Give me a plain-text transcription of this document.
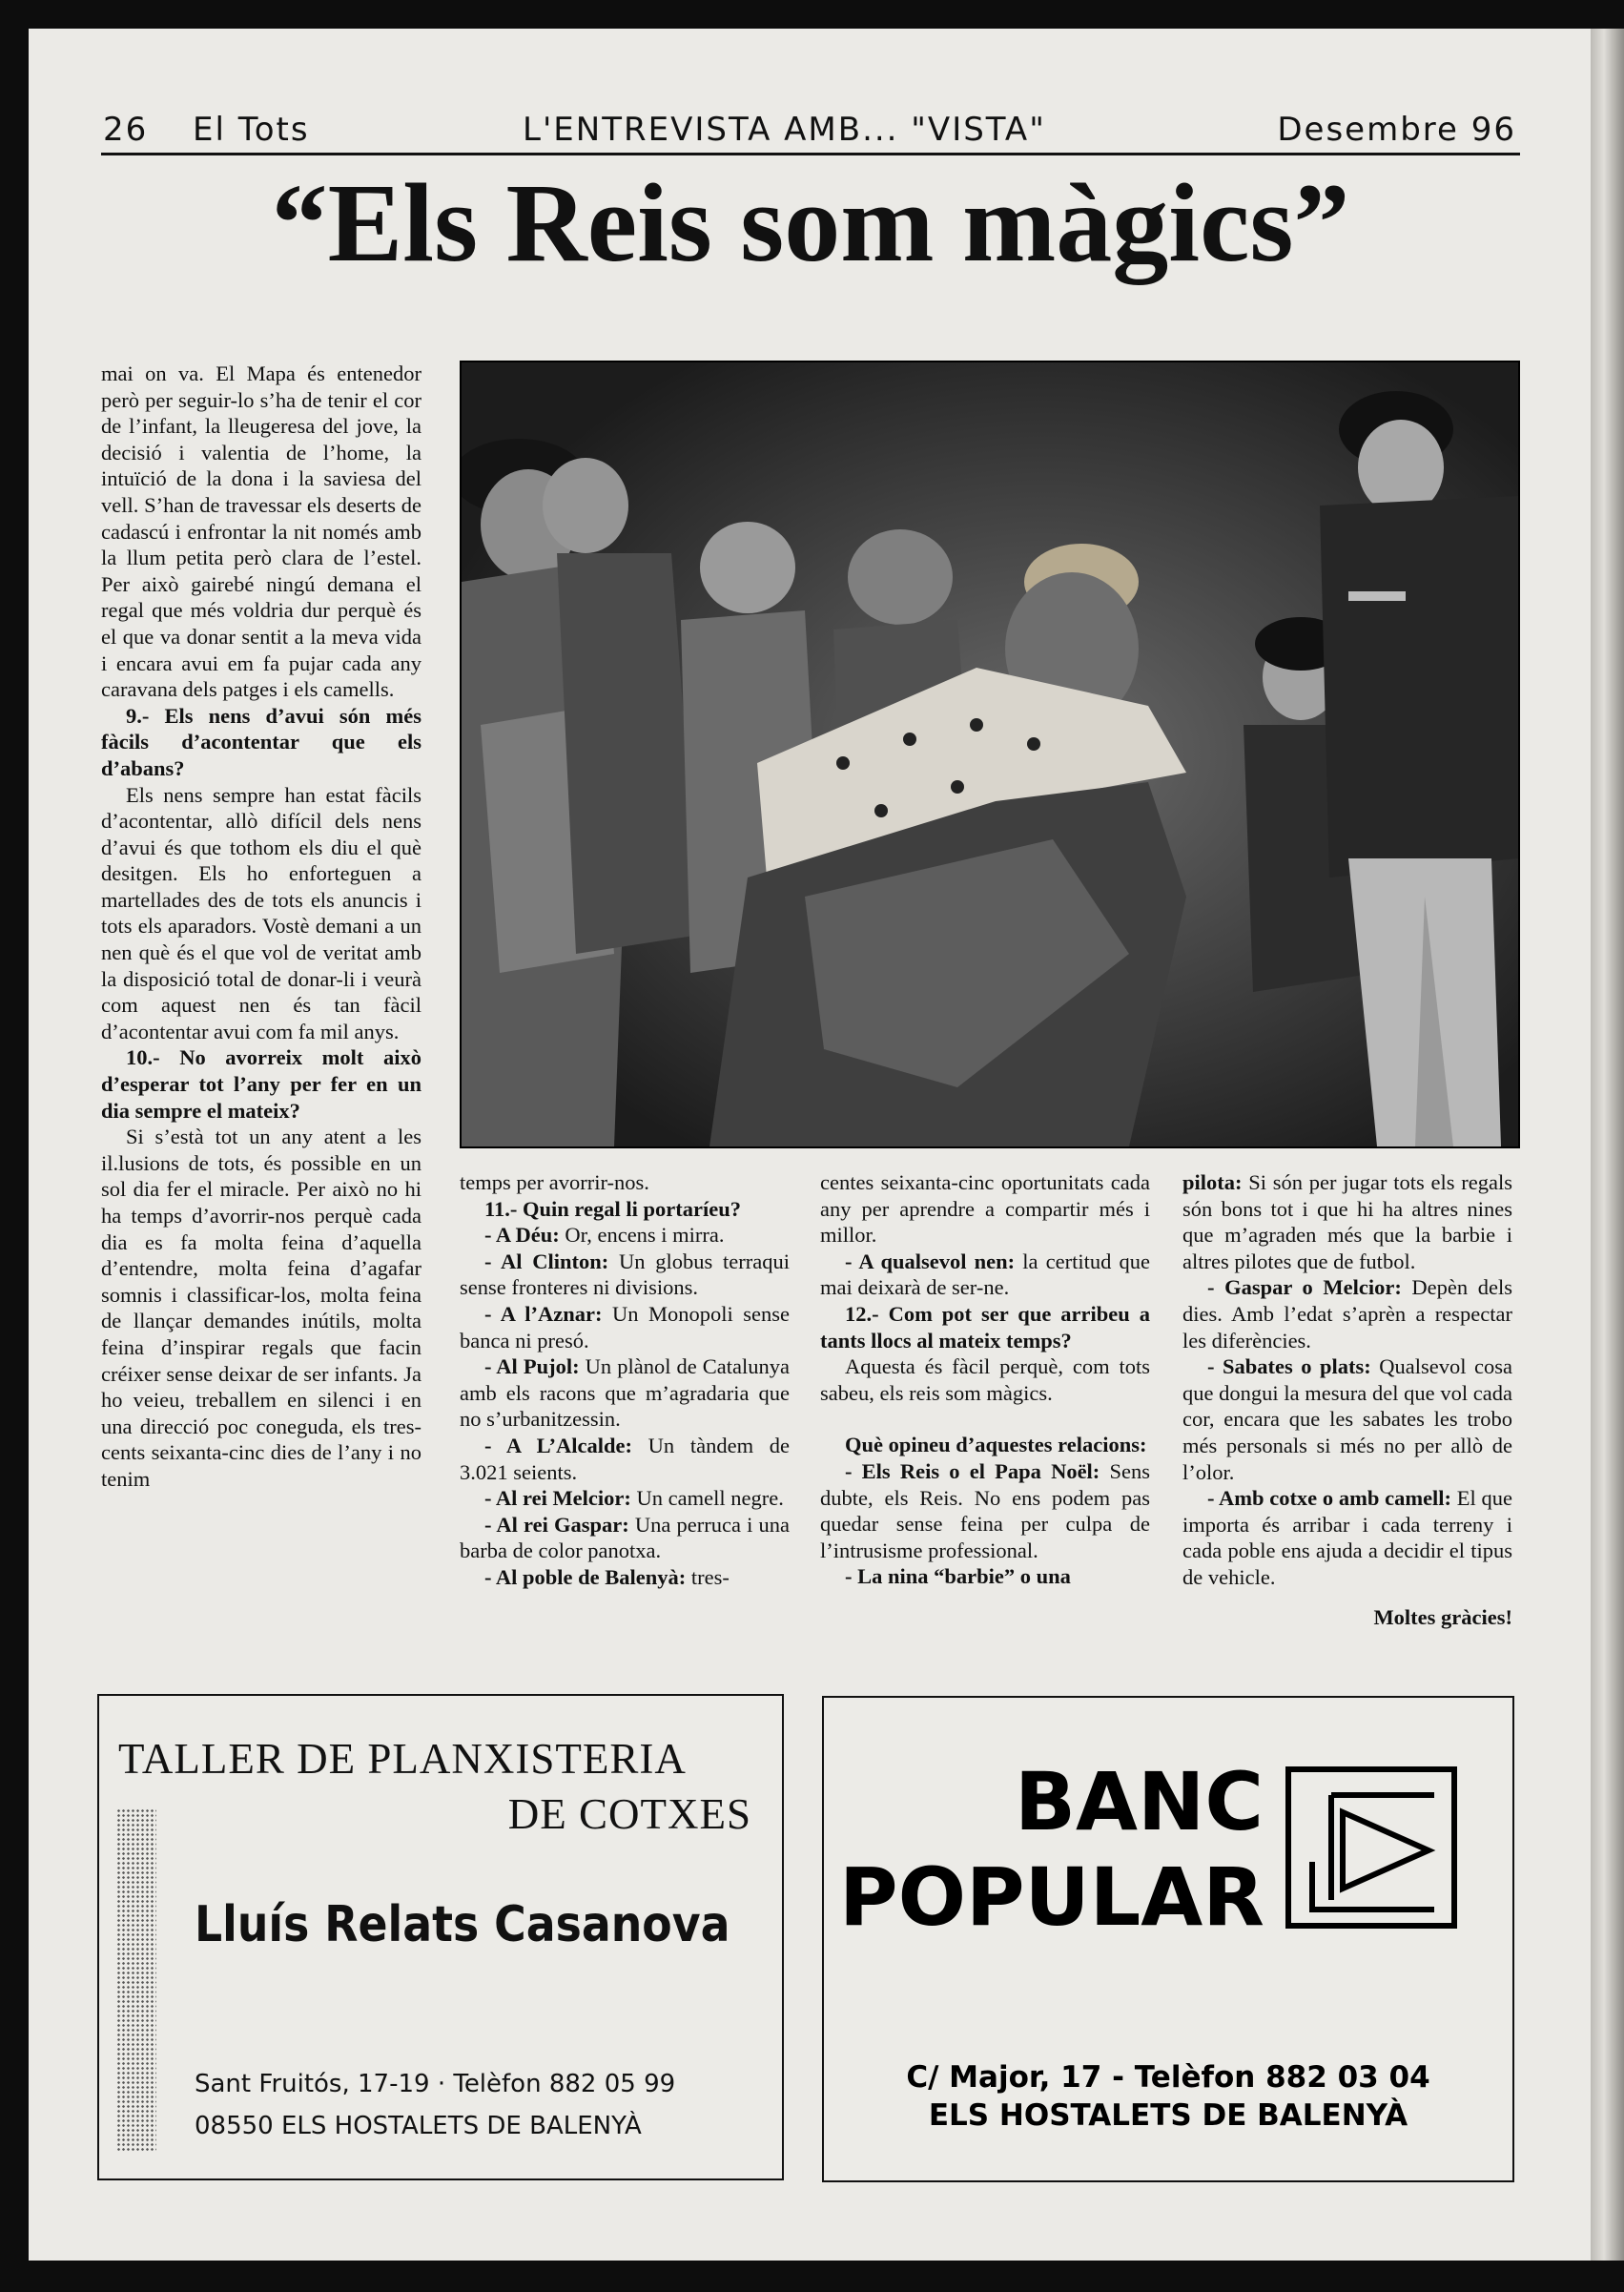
26 El Tots	L'ENTREVISTA AMB... "VISTA"	Desembre 96
“Els Reis som màgics”

mai on va. El Mapa és entenedor però per seguir-lo s’ha de tenir el cor de l’infant, la lleugeresa del jove, la decisió i valentia de l’home, la intuïció de la dona i la saviesa del vell. S’han de travessar els deserts de cadascú i enfrontar la nit només amb la llum petita però clara de l’estel. Per això gairebé ningú demana el regal que més voldria dur perquè és el que va donar sentit a la meva vida i encara avui em fa pujar cada any caravana dels patges i els camells.

9.- Els nens d’avui són més fàcils d’acontentar que els d’abans?

Els nens sempre han estat fàcils d’acontentar, allò difícil dels nens d’avui és que tothom els diu el què desitgen. Els ho enforteguen a martellades des de tots els anuncis i tots els aparadors. Vostè demani a un nen què és el que vol de veritat amb la disposició total de donar-li i veurà com aquest nen és tan fàcil d’acontentar avui com fa mil anys.

10.- No avorreix molt això d’esperar tot l’any per fer en un dia sempre el mateix?

Si s’està tot un any atent a les il.lusions de tots, és possible en un sol dia fer el miracle. Per això no hi ha temps d’avorrir-nos perquè cada dia es fa molta feina d’aquella d’entendre, molta feina d’agafar somnis i classificar-los, molta feina de llançar demandes inútils, molta feina d’inspirar regals que facin créixer sense deixar de ser infants. Ja ho veieu, treballem en silenci i en una direcció poc coneguda, els tres-cents seixanta-cinc dies de l’any i no tenim

temps per avorrir-nos.

11.- Quin regal li portaríeu?

- A Déu: Or, encens i mirra.

- Al Clinton: Un globus terraqui sense fronteres ni divisions.

- A l’Aznar: Un Monopoli sense banca ni presó.

- Al Pujol: Un plànol de Catalunya amb els racons que m’agradaria que no s’urbanitzessin.

- A L’Alcalde: Un tàndem de 3.021 seients.

- Al rei Melcior: Un camell negre.

- Al rei Gaspar: Una perruca i una barba de color panotxa.

- Al poble de Balenyà: tres-

centes seixanta-cinc oportunitats cada any per aprendre a compartir més i millor.

- A qualsevol nen: la certitud que mai deixarà de ser-ne.

12.- Com pot ser que arribeu a tants llocs al mateix temps?

Aquesta és fàcil perquè, com tots sabeu, els reis som màgics.

Què opineu d’aquestes relacions:

- Els Reis o el Papa Noël: Sens dubte, els Reis. No ens podem pas quedar sense feina per culpa de l’intrusisme professional.

- La nina “barbie” o una

pilota: Si són per jugar tots els regals són bons tot i que hi ha altres nines que m’agraden més que la barbie i altres pilotes que de futbol.

- Gaspar o Melcior: Depèn dels dies. Amb l’edat s’aprèn a respectar les diferències.

- Sabates o plats: Qualsevol cosa que dongui la mesura del que vol cada cor, encara que les sabates les trobo més personals si més no per allò de l’olor.

- Amb cotxe o amb camell: El que importa és arribar i cada terreny i cada poble ens ajuda a decidir el tipus de vehicle.

Moltes gràcies!

TALLER DE PLANXISTERIA
DE COTXES
Lluís Relats Casanova
Sant Fruitós, 17-19 · Telèfon 882 05 99
08550 ELS HOSTALETS DE BALENYÀ
BANC
POPULAR
C/ Major, 17 - Telèfon 882 03 04
ELS HOSTALETS DE BALENYÀ
